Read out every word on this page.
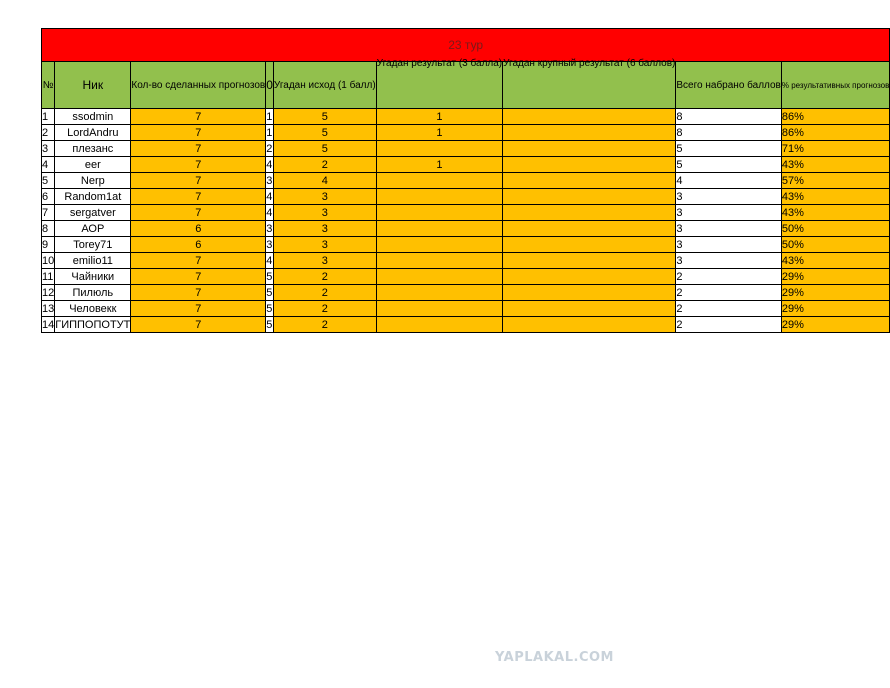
23 тур								
№	Ник	Кол-во сделанных прогнозов	0	Угадан исход (1 балл)	Угадан результат (3 балла)	Угадан крупный результат (6 баллов)	Всего набрано баллов	% результативных прогнозов
1	ssodmin	7	1	5	1		8	86%
2	LordAndru	7	1	5	1		8	86%
3	плезанс	7	2	5			5	71%
4	eer	7	4	2	1		5	43%
5	Nerp	7	3	4			4	57%
6	Random1at	7	4	3			3	43%
7	sergatver	7	4	3			3	43%
8	АОР	6	3	3			3	50%
9	Torey71	6	3	3			3	50%
10	emilio11	7	4	3			3	43%
11	Чайники	7	5	2			2	29%
12	Пилюль	7	5	2			2	29%
13	Человекк	7	5	2			2	29%
14	ГИППОПОТУТ	7	5	2			2	29%
YAPLAKAL.COM
